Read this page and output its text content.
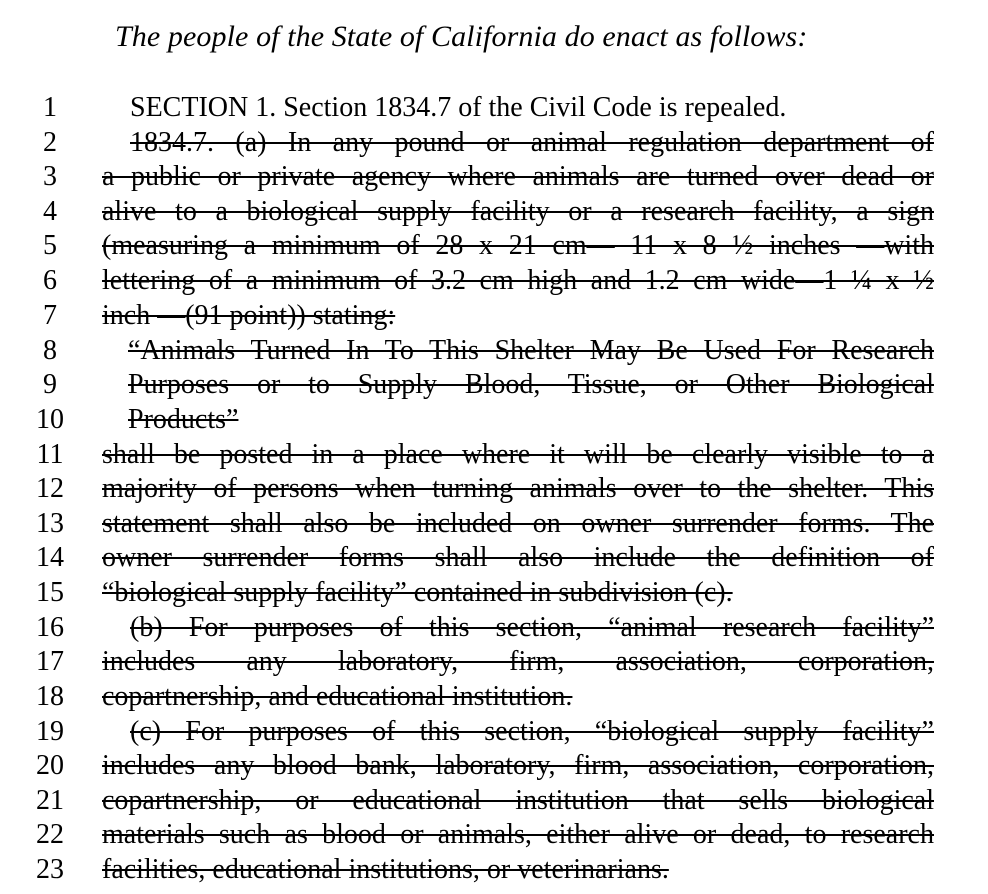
The people of the State of California do enact as follows:
1	SECTION 1. Section 1834.7 of the Civil Code is repealed.
2	1834.7. (a) In any pound or animal regulation department of
3	a public or private agency where animals are turned over dead or
4	alive to a biological supply facility or a research facility, a sign
5	(measuring a minimum of 28 x 21 cm— 11 x 8 ½ inches —with
6	lettering of a minimum of 3.2 cm high and 1.2 cm wide—1 ¼ x ½
7	inch —(91 point)) stating:
8	“Animals Turned In To This Shelter May Be Used For Research
9	Purposes or to Supply Blood, Tissue, or Other Biological
10 Products”
11 shall be posted in a place where it will be clearly visible to a
12 majority of persons when turning animals over to the shelter. This
13 statement shall also be included on owner surrender forms. The
14 owner surrender forms shall also include the definition of
15 “biological supply facility” contained in subdivision (c).
16 (b) For purposes of this section, “animal research facility”
17 includes any laboratory, firm, association, corporation,
18 copartnership, and educational institution.
19 (c) For purposes of this section, “biological supply facility”
20 includes any blood bank, laboratory, firm, association, corporation,
21 copartnership, or educational institution that sells biological
22 materials such as blood or animals, either alive or dead, to research
23 facilities, educational institutions, or veterinarians.
